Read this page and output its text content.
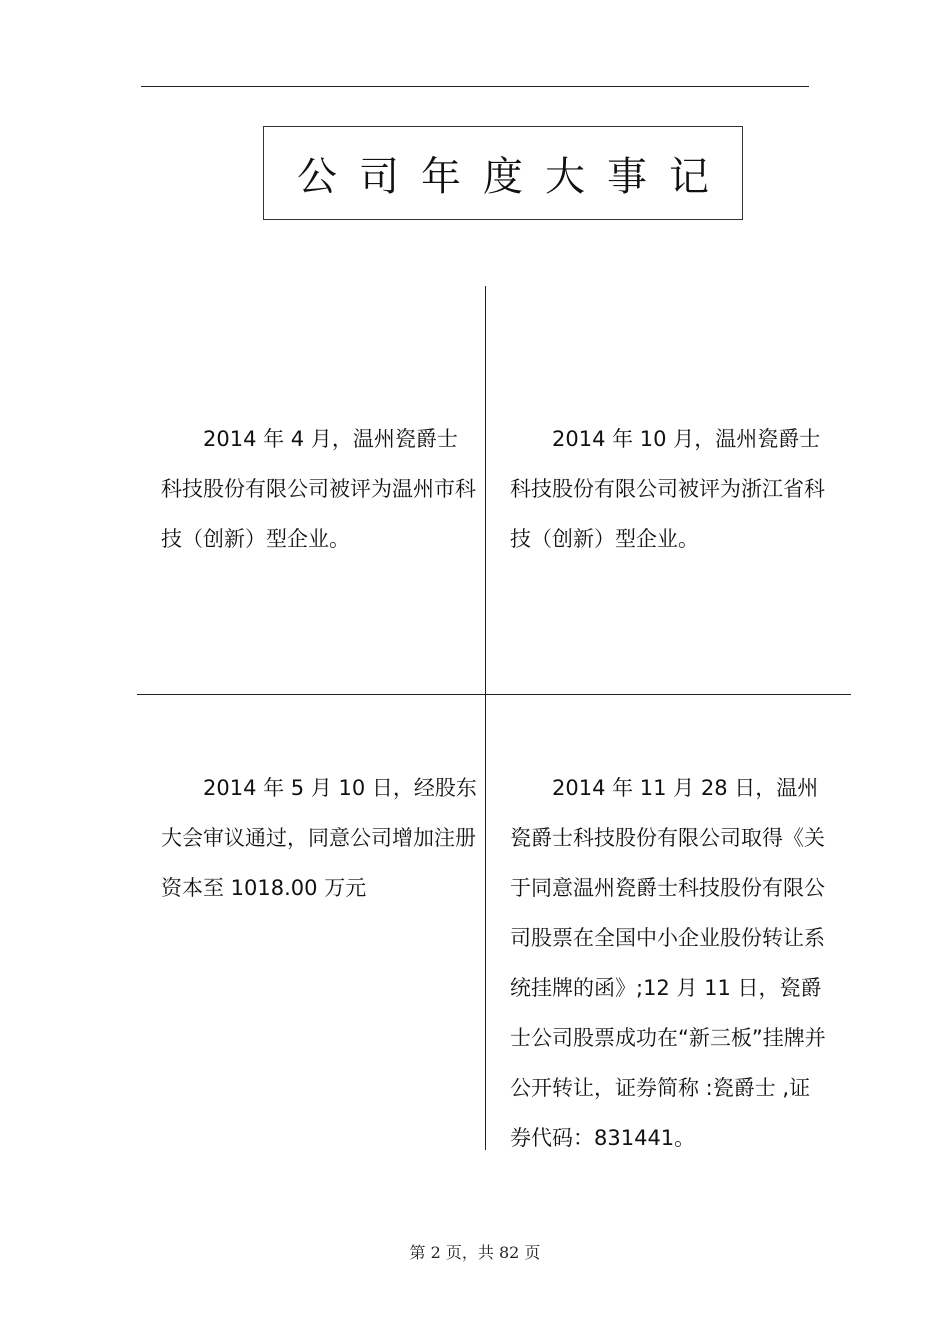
公司年度大事记

2014 年 4 月，温州瓷爵士科技股份有限公司被评为温州市科技（创新）型企业。

2014 年 10 月，温州瓷爵士科技股份有限公司被评为浙江省科技（创新）型企业。

2014 年 5 月 10 日，经股东大会审议通过，同意公司增加注册资本至 1018.00 万元

2014 年 11 月 28 日，温州瓷爵士科技股份有限公司取得《关于同意温州瓷爵士科技股份有限公司股票在全国中小企业股份转让系统挂牌的函》;12 月 11 日，瓷爵士公司股票成功在“新三板”挂牌并公开转让，证券简称 :瓷爵士 ,证券代码：831441。

第 2 页，共 82 页
